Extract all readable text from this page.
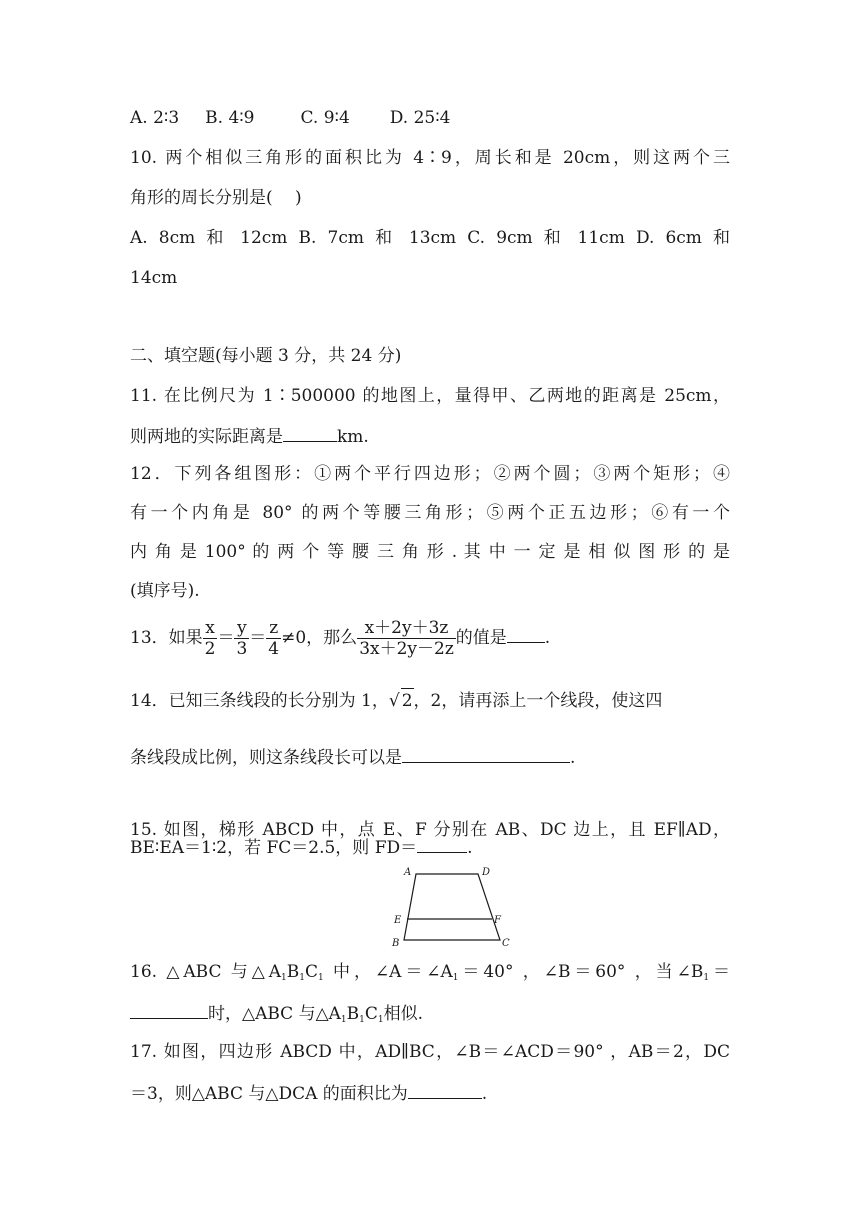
A. 2∶3 B. 4∶9	C. 9∶4 D. 25∶4
10. 两个相似三角形的面积比为 4∶9，周长和是 20cm，则这两个三
角形的周长分别是(　 )
A. 8cm 和 12cm B. 7cm 和 13cm C. 9cm 和 11cm D. 6cm 和
14cm
二、填空题(每小题 3 分，共 24 分)
11. 在比例尺为 1∶500000 的地图上，量得甲、乙两地的距离是 25cm，
则两地的实际距离是	km.
12．下列各组图形：①两个平行四边形；②两个圆；③两个矩形；④
有一个内角是 80° 的两个等腰三角形；⑤两个正五边形；⑥有一个
内 角 是 100° 的 两 个 等 腰 三 角 形 . 其 中 一 定 是 相 似 图 形 的 是
(填序号).
13．如果 $\frac{x}{2} = \frac{y}{3} = \frac{z}{4} \ne 0$，那么 $\frac{x+2y+3z}{3x+2y-2z}$ 的值是 .
14．已知三条线段的长分别为 1，√ 2，2，请再添上一个线段，使这四
条线段成比例，则这条线段长可以是	.
15. 如图，梯形 ABCD 中，点 E、F 分别在 AB、DC 边上，且 EF∥AD，
BE∶EA＝1∶2，若 FC＝2.5，则 FD＝	.
A	D
E	F
B	C
16. △ABC 与$\triangle A_1B_1C_1$ 中，$\angle A=\angle A_1=40^\circ$ ，∠B＝60° ，当$\angle B_1=$
时，△ABC 与$\triangle A_1B_1C_1$相似.
17. 如图，四边形 ABCD 中，AD∥BC，∠B＝∠ACD＝90° ，AB＝2，DC
＝3，则△ABC 与△DCA 的面积比为	.
